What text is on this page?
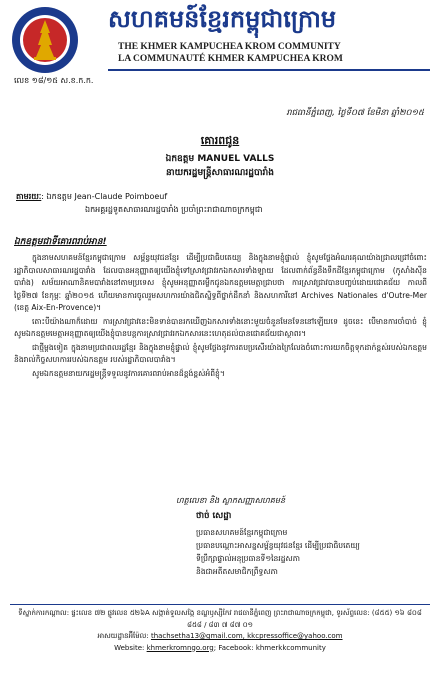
សហគមន៍ខ្មែរកម្ពុជាក្រោម
THE KHMER KAMPUCHEA KROM COMMUNITY
LA COMMUNAUTÉ KHMER KAMPUCHEA KROM
លេខ ១៨/១៥ ស.ខ.ក.ក.
រាជធានីភ្នំពេញ, ថ្ងៃទី០៧ ខែមិនា ឆ្នាំ២០១៥
គោរពជូន
ឯកឧត្តម MANUEL VALLS
នាយករដ្ឋមន្ត្រីសាធារណរដ្ឋបារាំង
តាមរយៈ: ឯកឧត្តម Jean-Claude Poimboeuf
ឯកអគ្គរដ្ឋទូតសាធារណរដ្ឋបារាំង ប្រចាំព្រះរាជាណាចក្រកម្ពុជា
ឯកឧត្តមជាទីគោរពរាប់អាន!

ក្នុងនាមសហគមន៍ខ្មែរកម្ពុជាក្រោម សម្ព័ន្ធយុវជនខ្មែរ ដើម្បីប្រជាធិបតេយ្យ និងក្នុងនាមខ្ញុំផ្ទាល់ ខ្ញុំសូមថ្លែងអំណរគុណយ៉ាងជ្រាលជ្រៅចំពោះរដ្ឋាភិបាលសាធារណរដ្ឋបារាំង ដែលបានអនុញ្ញាតឲ្យយើងខ្ញុំទៅស្រាវជ្រាវរកឯកសារទាំងឡាយ ដែលពាក់ព័ន្ធនឹងទឹកដីខ្មែរកម្ពុជាក្រោម (កូសាំងស៊ីនបារាំង) សម័យអាណានិគមបារាំងនៅតាមប្រទេស ខ្ញុំសូមអនុញ្ញាតរម្លឹកជូនឯកឧត្តមមេត្តាជ្រាបថា ការស្រាវជ្រាវបានបញ្ចប់ដោយជោគជ័យ កាលពីថ្ងៃទី២៧ ខែកុម្ភៈ ឆ្នាំ២០១៥ ហើយមានការចូលរួមសហការយ៉ាងជិតស្និទ្ធពីថ្នាក់ដឹកនាំ និងសហការីនៅ Archives Nationales d'Outre-Mer (ខេត្ត Aix-En-Provence)។

តោះបីយ៉ាងណាក៏ដោយ ការស្រាវជ្រាវនេះមិនទាន់បានរកឃើញឯកសារទាំងនោះមួយចំនួនមែនទែននៅឡើយទេ ដូចនេះ បើមានការចាំបាច់ ខ្ញុំសូមឯកឧត្តមមេត្តាអនុញ្ញាតឲ្យយើងខ្ញុំបានបន្តការស្រាវជ្រាវរកឯកសារនេះហេតុដល់បានជោគជ័យជាស្ថាពរ។

ជាថ្មីម្តងទៀត ក្នុងនាមប្រជាពលរដ្ឋខ្មែរ និងក្នុងនាមខ្ញុំផ្ទាល់ ខ្ញុំសូមថ្លែងនូវការតបប្រសើរយ៉ាងក្រៃលែងចំពោះការយកចិត្តទុកដាក់ខ្ពស់របស់ឯកឧត្តម និងរាល់កិច្ចសហការរបស់ឯកឧត្តម របស់រដ្ឋាភិបាលបារាំង។

សូមឯកឧត្តមនាយករដ្ឋមន្ត្រីទទួលនូវការគោរពរាប់អានដ៏ខ្ពង់ខ្ពស់អំពីខ្ញុំ។

ហត្ថលេខា និង ស្លាកសញ្ញាសហគមន៍
ថាច់ សេដ្ឋា
ប្រធានសហគមន៍ខ្មែរកម្ពុជាក្រោម
ប្រធានបណ្តោះអាសន្នសម្ព័ន្ធយុវជនខ្មែរ ដើម្បីប្រជាធិបតេយ្យ
ទីប្រឹក្សាផ្ទាល់អនុប្រធានទី១នៃរដ្ឋសភា
និងជាអតីតសមាជិកព្រឹទ្ធសភា
ទីស្នាក់ការកណ្តាល: ផ្ទះលេខ ៧២ ផ្លូវលេខ ៥២៦A សង្កាត់ទួលសង្កែ ខណ្ឌឫស្សីកែវ រាជធានីភ្នំពេញ ព្រះរាជាណាចក្រកម្ពុជា, ទូរស័ព្ទលេខ: (៨៥៥) ១៦ ៨០៨ ៨៥៨ / ៨៣ ៧ ៨៧ ០១
អាសយដ្ឋានអ៊ីម៉ែល: thachsetha13@gmail.com, kkcpressoffice@yahoo.com
Website: khmerkromngo.org; Facebook: khmerkkcommunity
